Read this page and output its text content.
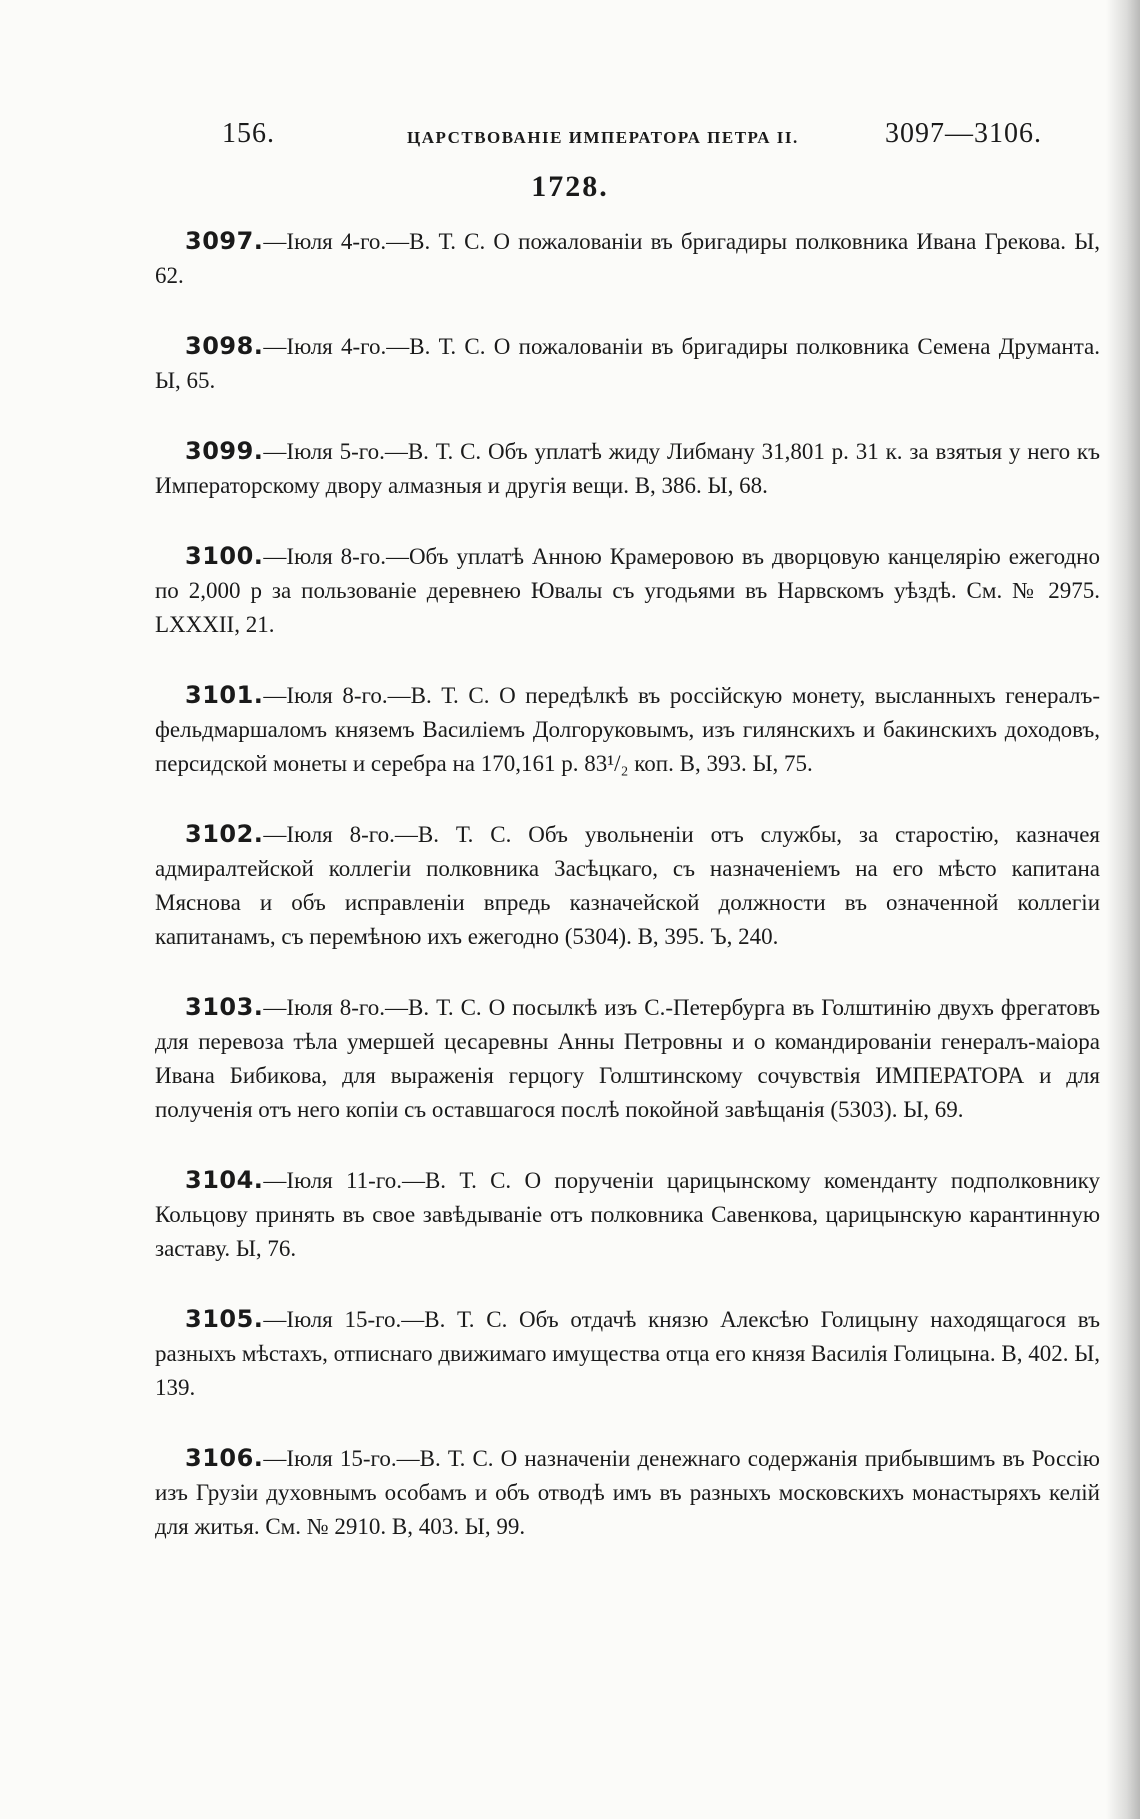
156.	ЦАРСТВОВАНІЕ ИМПЕРАТОРА ПЕТРА II.	3097—3106.
1728.

3097.—Іюля 4-го.—В. Т. С. О пожалованіи въ бригадиры полковника Ивана Грекова. Ы, 62.

3098.—Іюля 4-го.—В. Т. С. О пожалованіи въ бригадиры полковника Семена Друманта. Ы, 65.

3099.—Іюля 5-го.—В. Т. С. Объ уплатѣ жиду Либману 31,801 р. 31 к. за взятыя у него къ Императорскому двору алмазныя и другія вещи. В, 386. Ы, 68.

3100.—Іюля 8-го.—Объ уплатѣ Анною Крамеровою въ дворцовую канцелярію ежегодно по 2,000 р за пользованіе деревнею Ювалы съ угодьями въ Нарвскомъ уѣздѣ. См. № 2975. LXXXII, 21.

3101.—Іюля 8-го.—В. Т. С. О передѣлкѣ въ россійскую монету, высланныхъ генералъ-фельдмаршаломъ княземъ Василіемъ Долгоруковымъ, изъ гилянскихъ и бакинскихъ доходовъ, персидской монеты и серебра на 170,161 р. 83¹/₂ коп. В, 393. Ы, 75.

3102.—Іюля 8-го.—В. Т. С. Объ увольненіи отъ службы, за старостію, казначея адмиралтейской коллегіи полковника Засѣцкаго, съ назначеніемъ на его мѣсто капитана Мяснова и объ исправленіи впредь казначейской должности въ означенной коллегіи капитанамъ, съ перемѣною ихъ ежегодно (5304). В, 395. Ъ, 240.

3103.—Іюля 8-го.—В. Т. С. О посылкѣ изъ С.-Петербурга въ Голштинію двухъ фрегатовъ для перевоза тѣла умершей цесаревны Анны Петровны и о командированіи генералъ-маіора Ивана Бибикова, для выраженія герцогу Голштинскому сочувствія ИМПЕРАТОРА и для полученія отъ него копіи съ оставшагося послѣ покойной завѣщанія (5303). Ы, 69.

3104.—Іюля 11-го.—В. Т. С. О порученіи царицынскому коменданту подполковнику Кольцову принять въ свое завѣдываніе отъ полковника Савенкова, царицынскую карантинную заставу. Ы, 76.

3105.—Іюля 15-го.—В. Т. С. Объ отдачѣ князю Алексѣю Голицыну находящагося въ разныхъ мѣстахъ, отписнаго движимаго имущества отца его князя Василія Голицына. В, 402. Ы, 139.

3106.—Іюля 15-го.—В. Т. С. О назначеніи денежнаго содержанія прибывшимъ въ Россію изъ Грузіи духовнымъ особамъ и объ отводѣ имъ въ разныхъ московскихъ монастыряхъ келій для житья. См. № 2910. В, 403. Ы, 99.
